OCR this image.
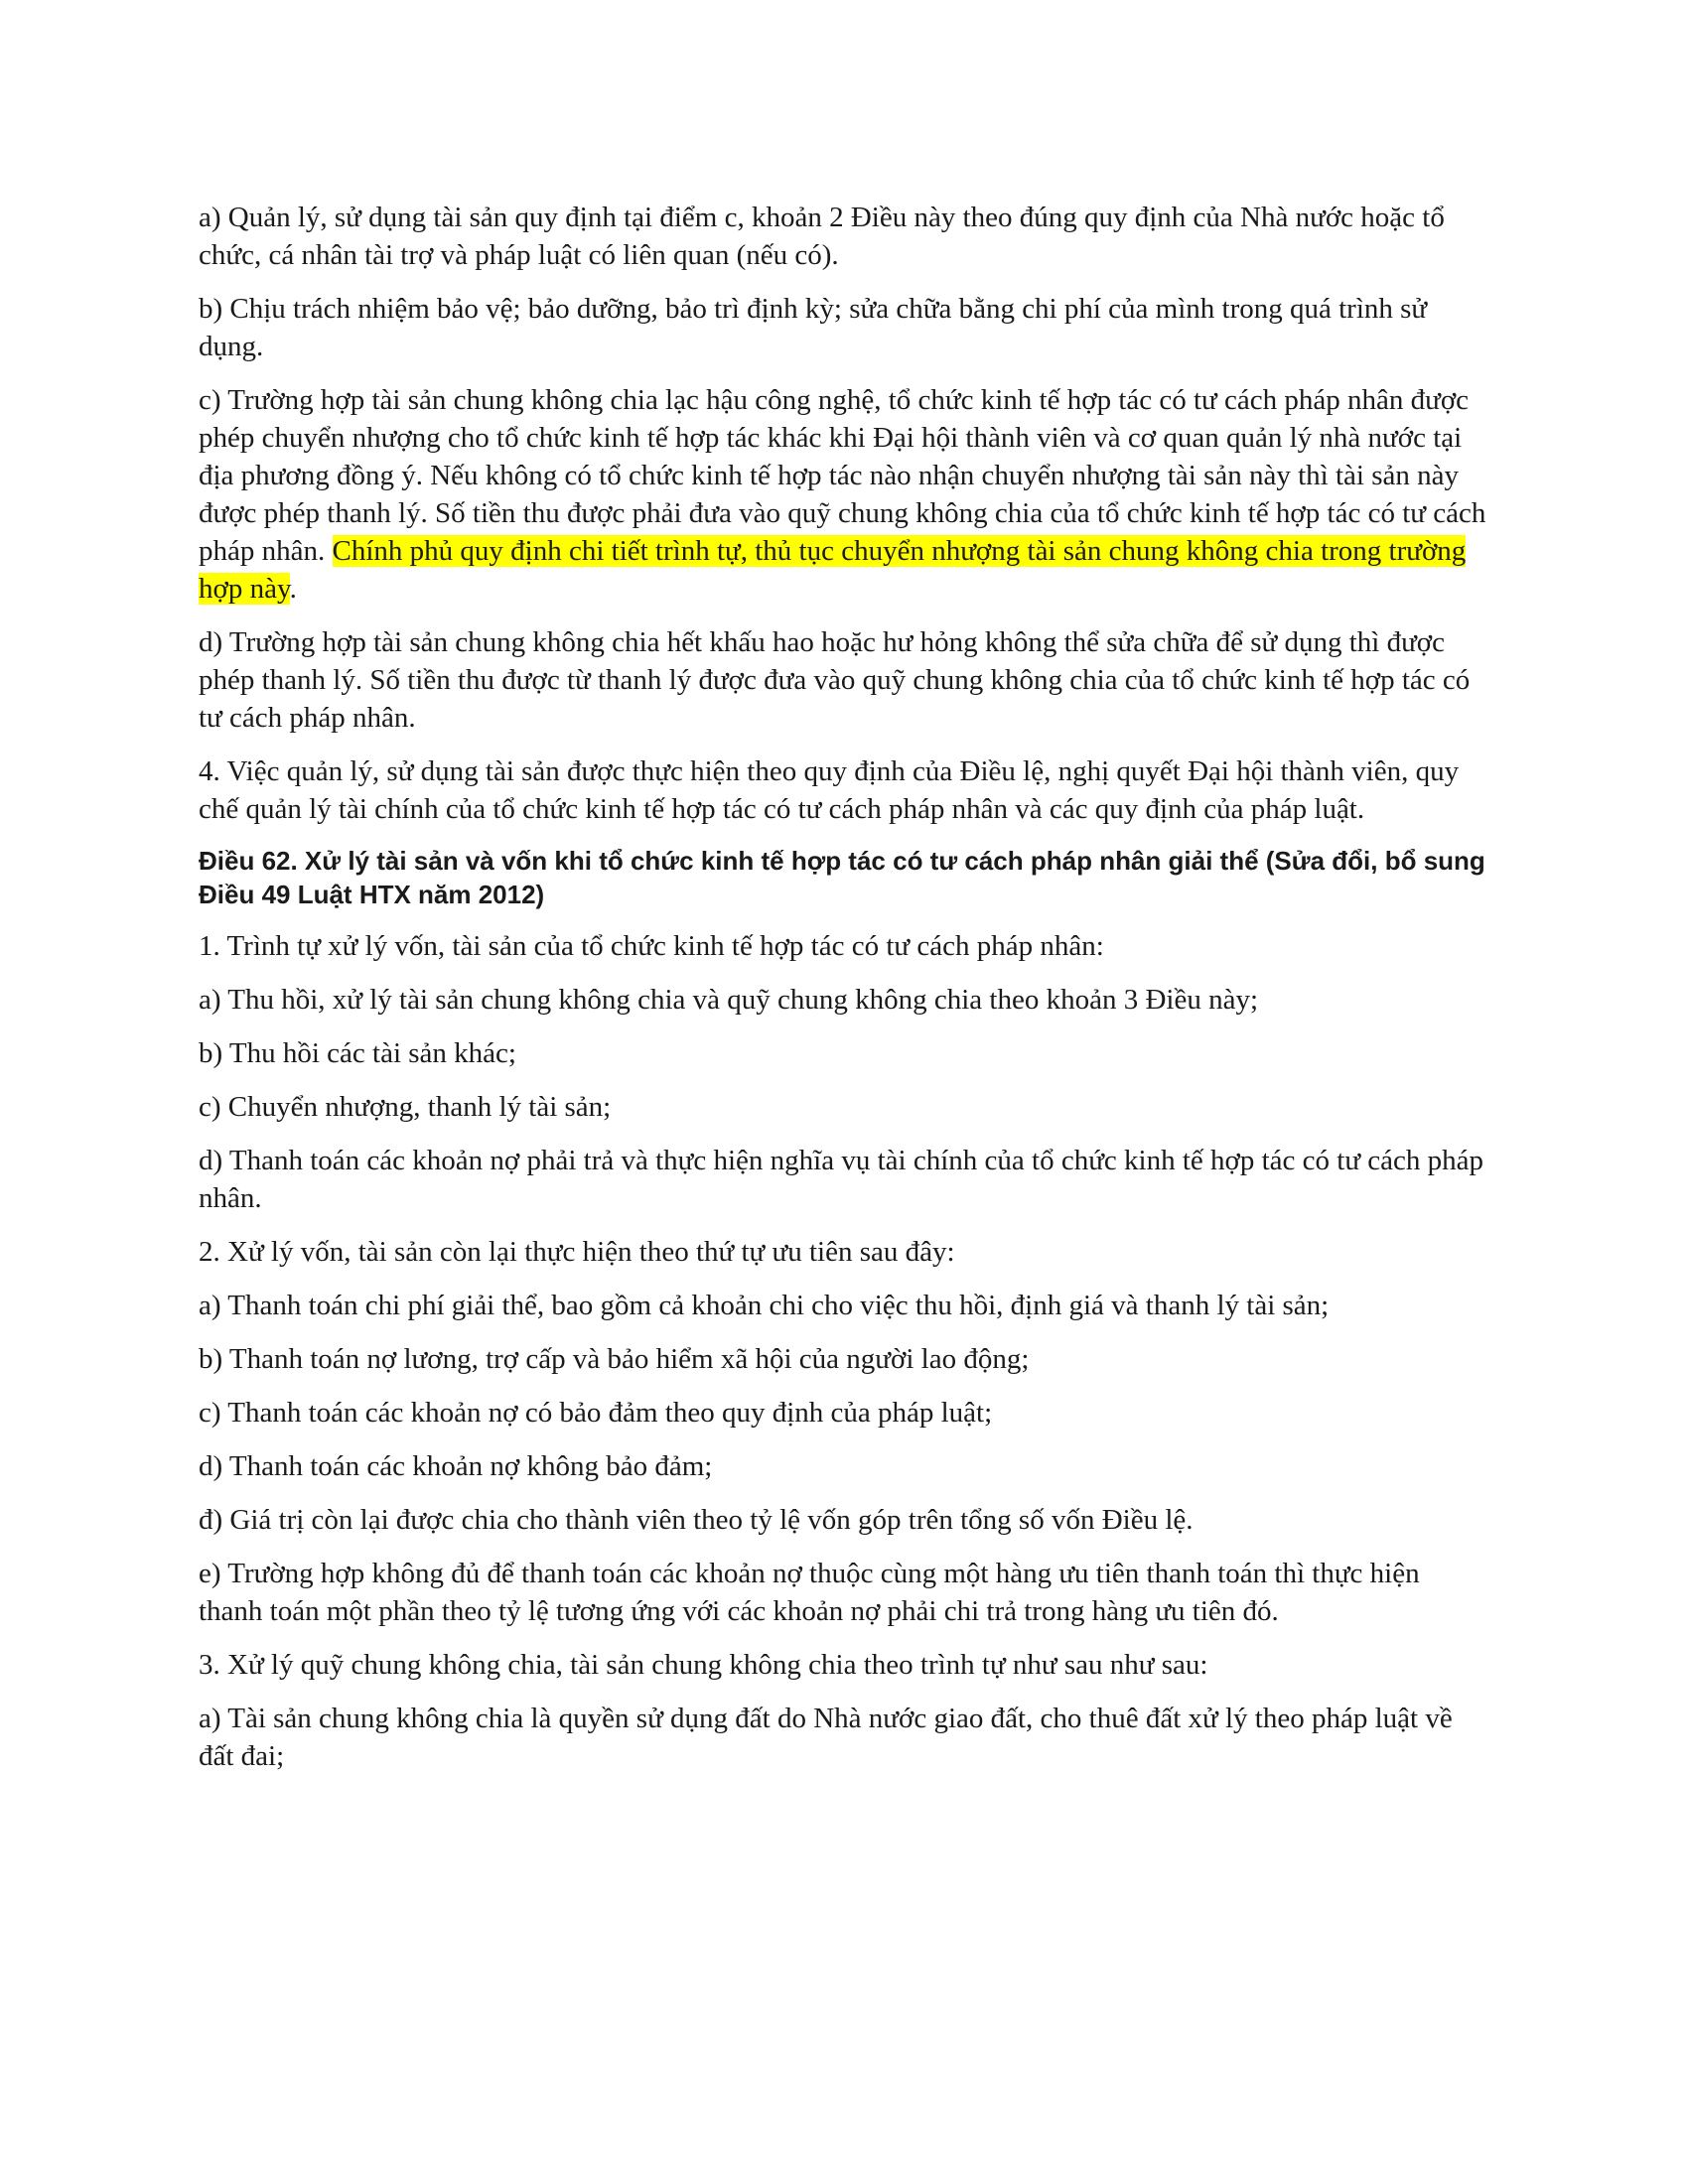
a) Quản lý, sử dụng tài sản quy định tại điểm c, khoản 2 Điều này theo đúng quy định của Nhà nước hoặc tổ chức, cá nhân tài trợ và pháp luật có liên quan (nếu có).

b) Chịu trách nhiệm bảo vệ; bảo dưỡng, bảo trì định kỳ; sửa chữa bằng chi phí của mình trong quá trình sử dụng.

c) Trường hợp tài sản chung không chia lạc hậu công nghệ, tổ chức kinh tế hợp tác có tư cách pháp nhân được phép chuyển nhượng cho tổ chức kinh tế hợp tác khác khi Đại hội thành viên và cơ quan quản lý nhà nước tại địa phương đồng ý. Nếu không có tổ chức kinh tế hợp tác nào nhận chuyển nhượng tài sản này thì tài sản này được phép thanh lý. Số tiền thu được phải đưa vào quỹ chung không chia của tổ chức kinh tế hợp tác có tư cách pháp nhân. Chính phủ quy định chi tiết trình tự, thủ tục chuyển nhượng tài sản chung không chia trong trường hợp này.

d) Trường hợp tài sản chung không chia hết khấu hao hoặc hư hỏng không thể sửa chữa để sử dụng thì được phép thanh lý. Số tiền thu được từ thanh lý được đưa vào quỹ chung không chia của tổ chức kinh tế hợp tác có tư cách pháp nhân.

4. Việc quản lý, sử dụng tài sản được thực hiện theo quy định của Điều lệ, nghị quyết Đại hội thành viên, quy chế quản lý tài chính của tổ chức kinh tế hợp tác có tư cách pháp nhân và các quy định của pháp luật.

Điều 62. Xử lý tài sản và vốn khi tổ chức kinh tế hợp tác có tư cách pháp nhân giải thể (Sửa đổi, bổ sung Điều 49 Luật HTX năm 2012)

1. Trình tự xử lý vốn, tài sản của tổ chức kinh tế hợp tác có tư cách pháp nhân:

a) Thu hồi, xử lý tài sản chung không chia và quỹ chung không chia theo khoản 3 Điều này;

b) Thu hồi các tài sản khác;

c) Chuyển nhượng, thanh lý tài sản;

d) Thanh toán các khoản nợ phải trả và thực hiện nghĩa vụ tài chính của tổ chức kinh tế hợp tác có tư cách pháp nhân.

2. Xử lý vốn, tài sản còn lại thực hiện theo thứ tự ưu tiên sau đây:

a) Thanh toán chi phí giải thể, bao gồm cả khoản chi cho việc thu hồi, định giá và thanh lý tài sản;

b) Thanh toán nợ lương, trợ cấp và bảo hiểm xã hội của người lao động;

c) Thanh toán các khoản nợ có bảo đảm theo quy định của pháp luật;

d) Thanh toán các khoản nợ không bảo đảm;

đ) Giá trị còn lại được chia cho thành viên theo tỷ lệ vốn góp trên tổng số vốn Điều lệ.

e) Trường hợp không đủ để thanh toán các khoản nợ thuộc cùng một hàng ưu tiên thanh toán thì thực hiện thanh toán một phần theo tỷ lệ tương ứng với các khoản nợ phải chi trả trong hàng ưu tiên đó.

3. Xử lý quỹ chung không chia, tài sản chung không chia theo trình tự như sau như sau:

a) Tài sản chung không chia là quyền sử dụng đất do Nhà nước giao đất, cho thuê đất xử lý theo pháp luật về đất đai;
